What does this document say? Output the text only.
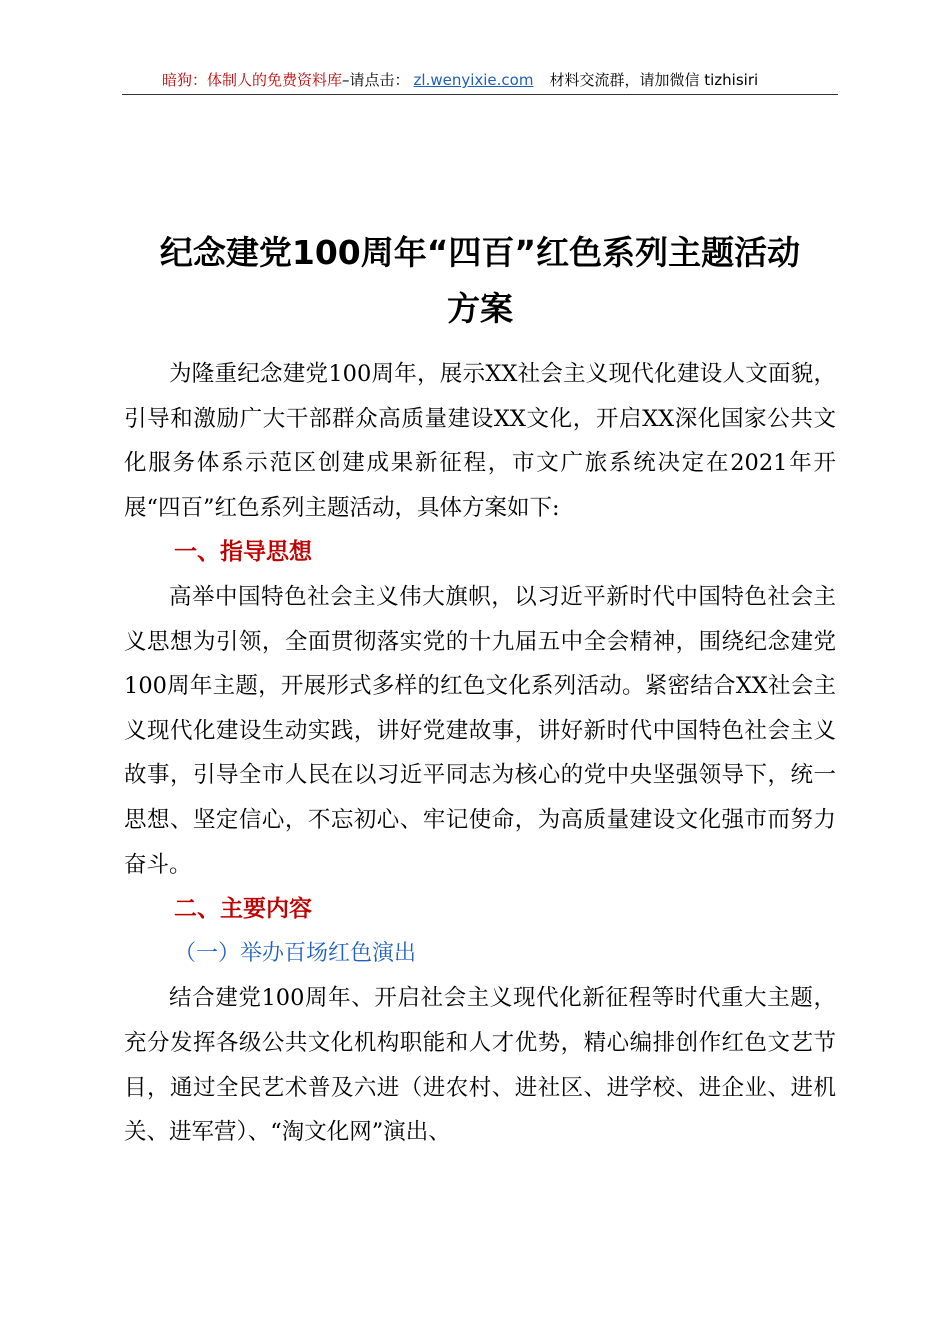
暗狗：体制人的免费资料库–请点击： zl.wenyixie.com 材料交流群，请加微信 tizhisiri
纪念建党100周年“四百”红色系列主题活动
方案

为隆重纪念建党100周年，展示XX社会主义现代化建设人文面貌，引导和激励广大干部群众高质量建设XX文化，开启XX深化国家公共文化服务体系示范区创建成果新征程，市文广旅系统决定在2021年开展“四百”红色系列主题活动，具体方案如下:

一、指导思想

高举中国特色社会主义伟大旗帜，以习近平新时代中国特色社会主义思想为引领，全面贯彻落实党的十九届五中全会精神，围绕纪念建党100周年主题，开展形式多样的红色文化系列活动。紧密结合XX社会主义现代化建设生动实践，讲好党建故事，讲好新时代中国特色社会主义故事，引导全市人民在以习近平同志为核心的党中央坚强领导下，统一思想、坚定信心，不忘初心、牢记使命，为高质量建设文化强市而努力奋斗。

二、主要内容
（一）举办百场红色演出

结合建党100周年、开启社会主义现代化新征程等时代重大主题，充分发挥各级公共文化机构职能和人才优势，精心编排创作红色文艺节目，通过全民艺术普及六进（进农村、进社区、进学校、进企业、进机关、进军营）、“淘文化网”演出、
